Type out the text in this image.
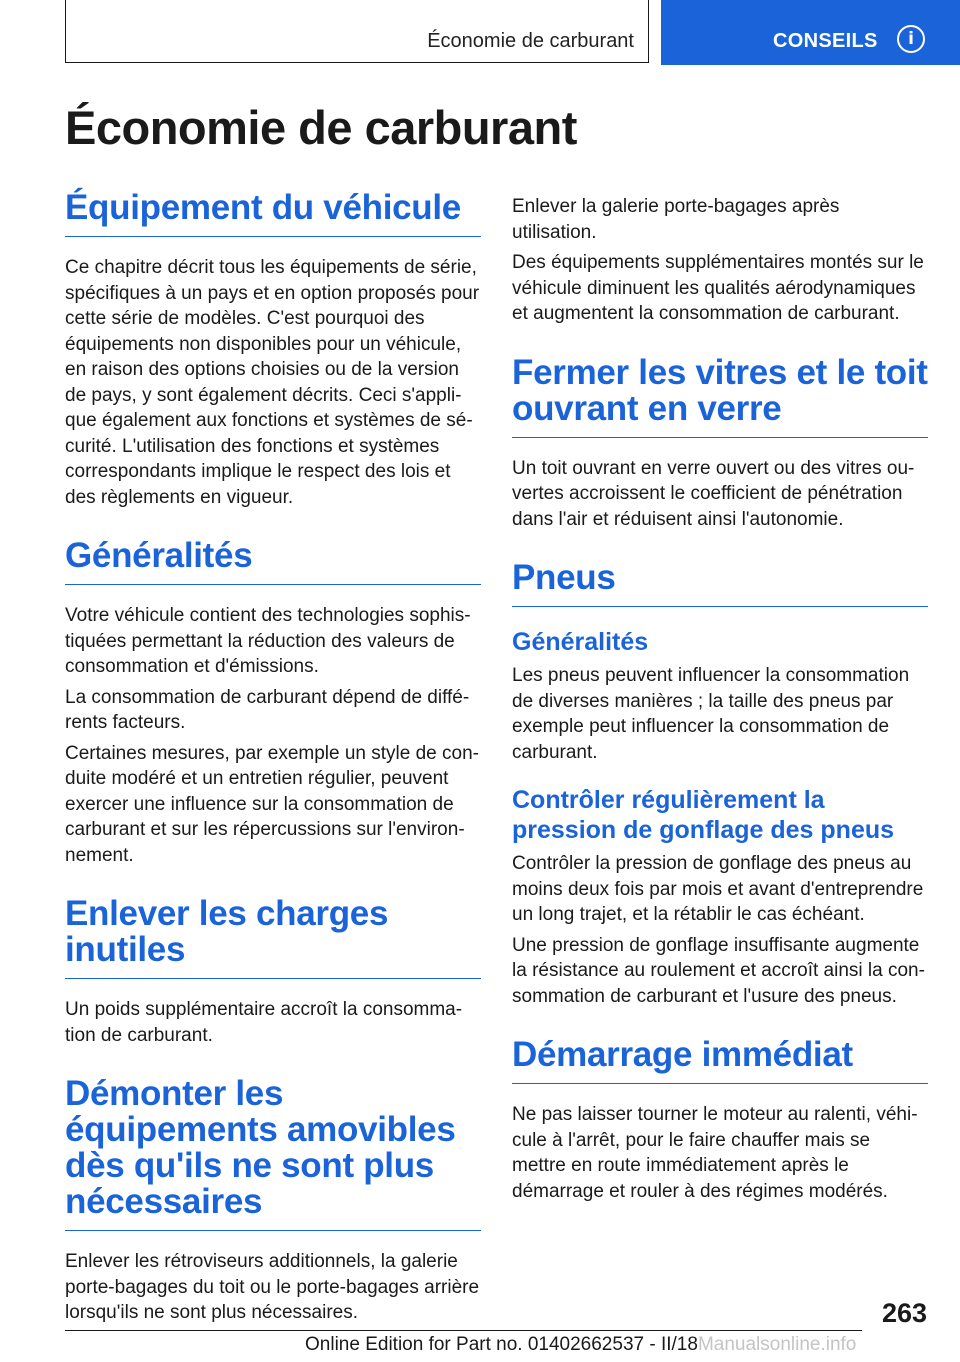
Économie de carburant	CONSEILS	i
Économie de carburant
Équipement du véhicule

Ce chapitre décrit tous les équipements de série, spécifiques à un pays et en option proposés pour cette série de modèles. C'est pourquoi des équipements non disponibles pour un véhicule, en raison des options choisies ou de la version de pays, y sont également décrits. Ceci s'applique également aux fonctions et systèmes de sécurité. L'utilisation des fonctions et systèmes correspondants implique le respect des lois et des règlements en vigueur.

Généralités

Votre véhicule contient des technologies sophistiquées permettant la réduction des valeurs de consommation et d'émissions.

La consommation de carburant dépend de différents facteurs.

Certaines mesures, par exemple un style de conduite modéré et un entretien régulier, peuvent exercer une influence sur la consommation de carburant et sur les répercussions sur l'environnement.

Enlever les charges inutiles

Un poids supplémentaire accroît la consommation de carburant.

Démonter les équipements amovibles dès qu'ils ne sont plus nécessaires

Enlever les rétroviseurs additionnels, la galerie porte-bagages du toit ou le porte-bagages arrière lorsqu'ils ne sont plus nécessaires.

Enlever la galerie porte-bagages après utilisation.

Des équipements supplémentaires montés sur le véhicule diminuent les qualités aérodynamiques et augmentent la consommation de carburant.

Fermer les vitres et le toit ouvrant en verre

Un toit ouvrant en verre ouvert ou des vitres ouvertes accroissent le coefficient de pénétration dans l'air et réduisent ainsi l'autonomie.

Pneus
Généralités

Les pneus peuvent influencer la consommation de diverses manières ; la taille des pneus par exemple peut influencer la consommation de carburant.

Contrôler régulièrement la pression de gonflage des pneus

Contrôler la pression de gonflage des pneus au moins deux fois par mois et avant d'entreprendre un long trajet, et la rétablir le cas échéant.

Une pression de gonflage insuffisante augmente la résistance au roulement et accroît ainsi la consommation de carburant et l'usure des pneus.

Démarrage immédiat

Ne pas laisser tourner le moteur au ralenti, véhicule à l'arrêt, pour le faire chauffer mais se mettre en route immédiatement après le démarrage et rouler à des régimes modérés.

263
Online Edition for Part no. 01402662537 - II/18Manualsonline.info
